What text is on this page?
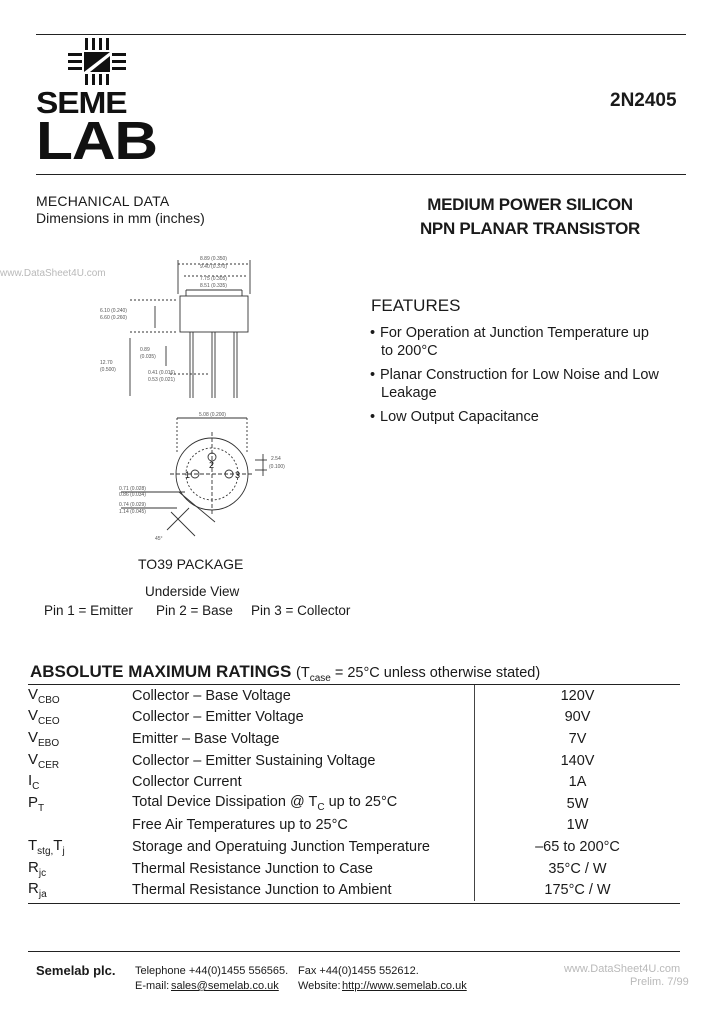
SEME
LAB
2N2405
MECHANICAL DATA
Dimensions in mm (inches)
www.DataSheet4U.com
MEDIUM POWER SILICON
NPN PLANAR TRANSISTOR
8.89 (0.350)
9.40 (0.370)
7.75 (0.305)
8.51 (0.335)
6.10 (0.240)
6.60 (0.260)
0.89
(0.035)
12.70
(0.500)	0.41 (0.016)
0.53 (0.021)
1
2
3
5.08 (0.200)
2.54
(0.100)
0.71 (0.028)
0.86 (0.034)
0.74 (0.029)
1.14 (0.045)
45°
TO39 PACKAGE
Underside View
Pin 1 = Emitter Pin 2 = Base Pin 3 = Collector
FEATURES
• For Operation at Junction Temperature up
to 200°C
• Planar Construction for Low Noise and Low
Leakage
• Low Output Capacitance
ABSOLUTE MAXIMUM RATINGS ($T_{case} = 25^\circ C$ unless otherwise stated)
$V_{CBO}$	Collector – Base Voltage	120V
$V_{CEO}$	Collector – Emitter Voltage	90V
$V_{EBO}$	Emitter – Base Voltage	7V
$V_{CER}$	Collector – Emitter Sustaining Voltage	140V
$I_C$	Collector Current	1A
$P_T$	Total Device Dissipation @ $T_C$ up to 25°C	5W
	Free Air Temperatures up to 25°C	1W
$T_{stg,}T_j$	Storage and Operatuing Junction Temperature	–65 to 200°C
$R_{jc}$	Thermal Resistance Junction to Case	35°C / W
$R_{ja}$	Thermal Resistance Junction to Ambient	175°C / W
Semelab plc. Telephone +44(0)1455 556565. Fax +44(0)1455 552612.
E-mail: sales@semelab.co.uk Website: http://www.semelab.co.uk
www.DataSheet4U.com
Prelim. 7/99
